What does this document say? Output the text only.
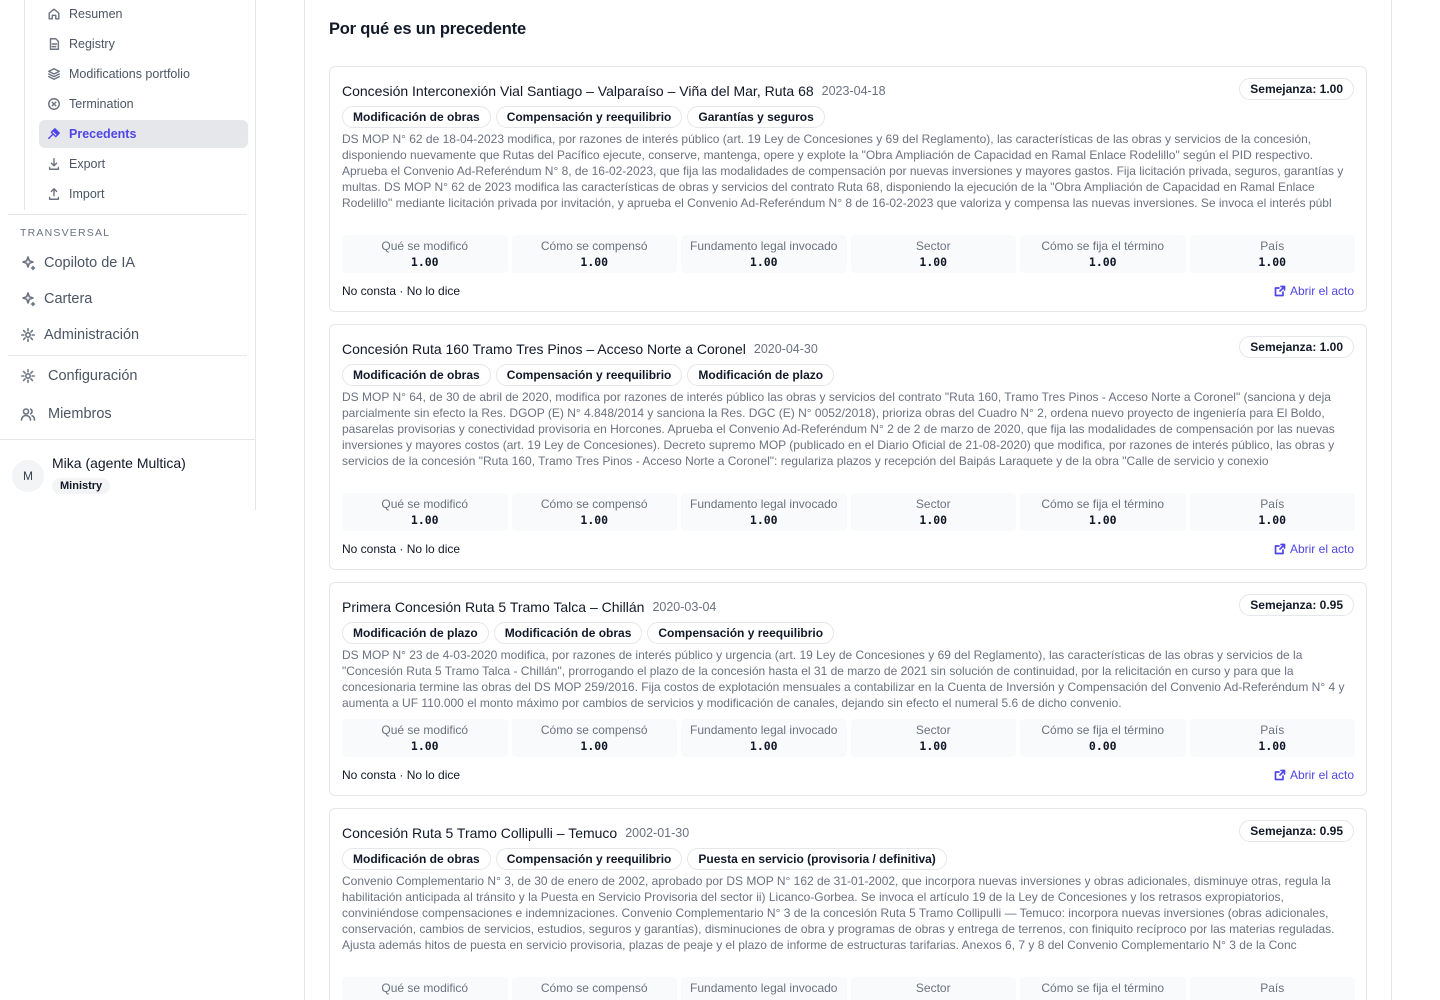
Resumen
Registry
Modifications portfolio
Termination
Precedents
Export
Import
TRANSVERSAL
Copiloto de IA
Cartera
Administración
Configuración
Miembros
M
Mika (agente Multica)
Ministry
Por qué es un precedente
Concesión Interconexión Vial Santiago – Valparaíso – Viña del Mar, Ruta 68 2023-04-18	Semejanza: 1.00
Modificación de obras	Compensación y reequilibrio	Garantías y seguros

DS MOP N° 62 de 18-04-2023 modifica, por razones de interés público (art. 19 Ley de Concesiones y 69 del Reglamento), las características de las obras y servicios de la concesión, disponiendo nuevamente que Rutas del Pacífico ejecute, conserve, mantenga, opere y explote la "Obra Ampliación de Capacidad en Ramal Enlace Rodelillo" según el PID respectivo. Aprueba el Convenio Ad-Referéndum N° 8, de 16-02-2023, que fija las modalidades de compensación por nuevas inversiones y mayores gastos. Fija licitación privada, seguros, garantías y multas. DS MOP N° 62 de 2023 modifica las características de obras y servicios del contrato Ruta 68, disponiendo la ejecución de la "Obra Ampliación de Capacidad en Ramal Enlace Rodelillo" mediante licitación privada por invitación, y aprueba el Convenio Ad-Referéndum N° 8 de 16-02-2023 que valoriza y compensa las nuevas inversiones. Se invoca el interés públ

Qué se modificó
1.00
Cómo se compensó
1.00
Fundamento legal invocado
1.00
Sector
1.00
Cómo se fija el término
1.00
País
1.00
No consta · No lo dice	Abrir el acto
Concesión Ruta 160 Tramo Tres Pinos – Acceso Norte a Coronel 2020-04-30	Semejanza: 1.00
Modificación de obras	Compensación y reequilibrio	Modificación de plazo

DS MOP N° 64, de 30 de abril de 2020, modifica por razones de interés público las obras y servicios del contrato "Ruta 160, Tramo Tres Pinos - Acceso Norte a Coronel" (sanciona y deja parcialmente sin efecto la Res. DGOP (E) N° 4.848/2014 y sanciona la Res. DGC (E) N° 0052/2018), prioriza obras del Cuadro N° 2, ordena nuevo proyecto de ingeniería para El Boldo, pasarelas provisorias y conectividad provisoria en Horcones. Aprueba el Convenio Ad-Referéndum N° 2 de 2 de marzo de 2020, que fija las modalidades de compensación por las nuevas inversiones y mayores costos (art. 19 Ley de Concesiones). Decreto supremo MOP (publicado en el Diario Oficial de 21-08-2020) que modifica, por razones de interés público, las obras y servicios de la concesión "Ruta 160, Tramo Tres Pinos - Acceso Norte a Coronel": regulariza plazos y recepción del Baipás Laraquete y de la obra "Calle de servicio y conexio

Qué se modificó
1.00
Cómo se compensó
1.00
Fundamento legal invocado
1.00
Sector
1.00
Cómo se fija el término
1.00
País
1.00
No consta · No lo dice	Abrir el acto
Primera Concesión Ruta 5 Tramo Talca – Chillán 2020-03-04	Semejanza: 0.95
Modificación de plazo	Modificación de obras	Compensación y reequilibrio

DS MOP N° 23 de 4-03-2020 modifica, por razones de interés público y urgencia (art. 19 Ley de Concesiones y 69 del Reglamento), las características de las obras y servicios de la "Concesión Ruta 5 Tramo Talca - Chillán", prorrogando el plazo de la concesión hasta el 31 de marzo de 2021 sin solución de continuidad, por la relicitación en curso y para que la concesionaria termine las obras del DS MOP 259/2016. Fija costos de explotación mensuales a contabilizar en la Cuenta de Inversión y Compensación del Convenio Ad-Referéndum N° 4 y aumenta a UF 110.000 el monto máximo por cambios de servicios y modificación de canales, dejando sin efecto el numeral 5.6 de dicho convenio.

Qué se modificó
1.00
Cómo se compensó
1.00
Fundamento legal invocado
1.00
Sector
1.00
Cómo se fija el término
0.00
País
1.00
No consta · No lo dice	Abrir el acto
Concesión Ruta 5 Tramo Collipulli – Temuco 2002-01-30	Semejanza: 0.95
Modificación de obras	Compensación y reequilibrio	Puesta en servicio (provisoria / definitiva)

Convenio Complementario N° 3, de 30 de enero de 2002, aprobado por DS MOP N° 162 de 31-01-2002, que incorpora nuevas inversiones y obras adicionales, disminuye otras, regula la habilitación anticipada al tránsito y la Puesta en Servicio Provisoria del sector ii) Licanco-Gorbea. Se invoca el artículo 19 de la Ley de Concesiones y los retrasos expropiatorios, conviniéndose compensaciones e indemnizaciones. Convenio Complementario N° 3 de la concesión Ruta 5 Tramo Collipulli — Temuco: incorpora nuevas inversiones (obras adicionales, conservación, cambios de servicios, estudios, seguros y garantías), disminuciones de obra y programas de obras y entrega de terrenos, con finiquito recíproco por las materias reguladas. Ajusta además hitos de puesta en servicio provisoria, plazas de peaje y el plazo de informe de estructuras tarifarias. Anexos 6, 7 y 8 del Convenio Complementario N° 3 de la Conc

Qué se modificó	Cómo se compensó	Fundamento legal invocado	Sector	Cómo se fija el término	País
